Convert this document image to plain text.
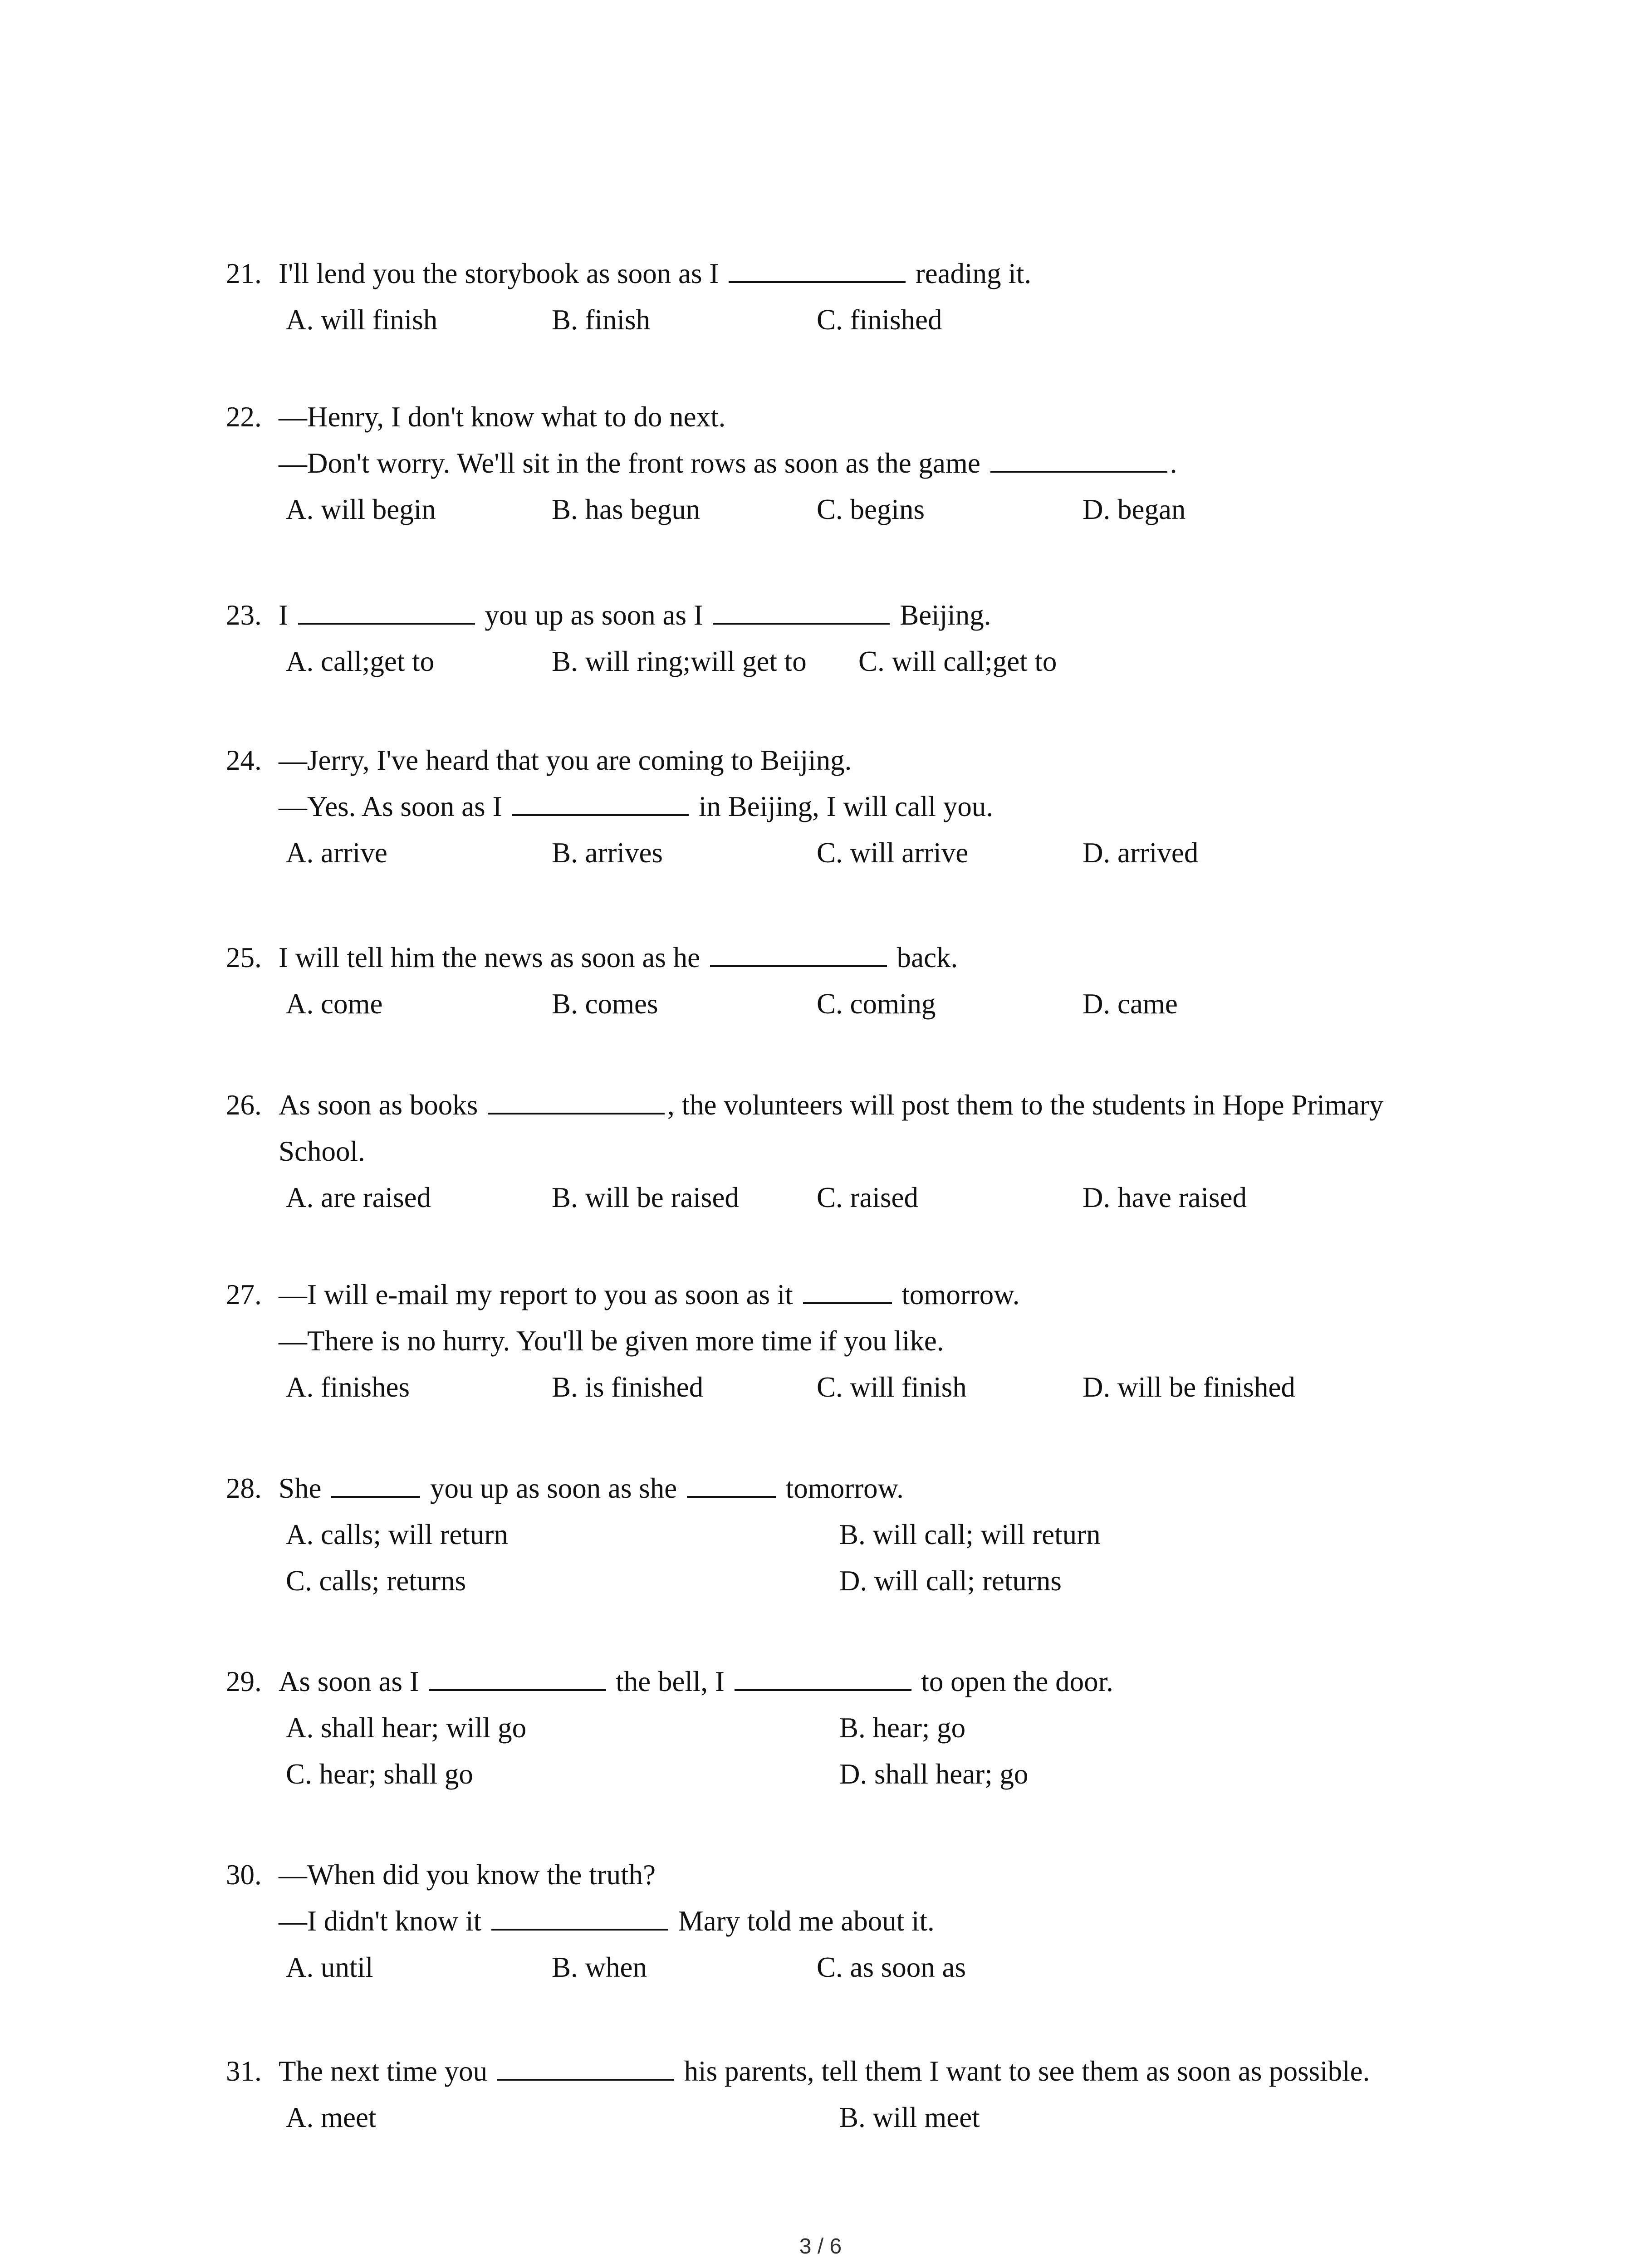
21. I'll lend you the storybook as soon as I	reading it.
A. will finish	B. finish	C. finished
22. —Henry, I don't know what to do next.
—Don't worry. We'll sit in the front rows as soon as the game	.
A. will begin	B. has begun	C. begins	D. began
23. I	you up as soon as I	Beijing.
A. call;get to	B. will ring;will get to C. will call;get to
24. —Jerry, I've heard that you are coming to Beijing.
—Yes. As soon as I	in Beijing, I will call you.
A. arrive	B. arrives	C. will arrive	D. arrived
25. I will tell him the news as soon as he	back.
A. come	B. comes	C. coming	D. came
26. As soon as books	, the volunteers will post them to the students in Hope Primary
School.
A. are raised	B. will be raised	C. raised	D. have raised
27. —I will e-mail my report to you as soon as it	tomorrow.
—There is no hurry. You'll be given more time if you like.
A. finishes	B. is finished	C. will finish	D. will be finished
28. She	you up as soon as she	tomorrow.
A. calls; will return	B. will call; will return
C. calls; returns	D. will call; returns
29. As soon as I	the bell, I	to open the door.
A. shall hear; will go	B. hear; go
C. hear; shall go	D. shall hear; go
30. —When did you know the truth?
—I didn't know it	Mary told me about it.
A. until	B. when	C. as soon as
31. The next time you	his parents, tell them I want to see them as soon as possible.
A. meet	B. will meet
3 / 6
